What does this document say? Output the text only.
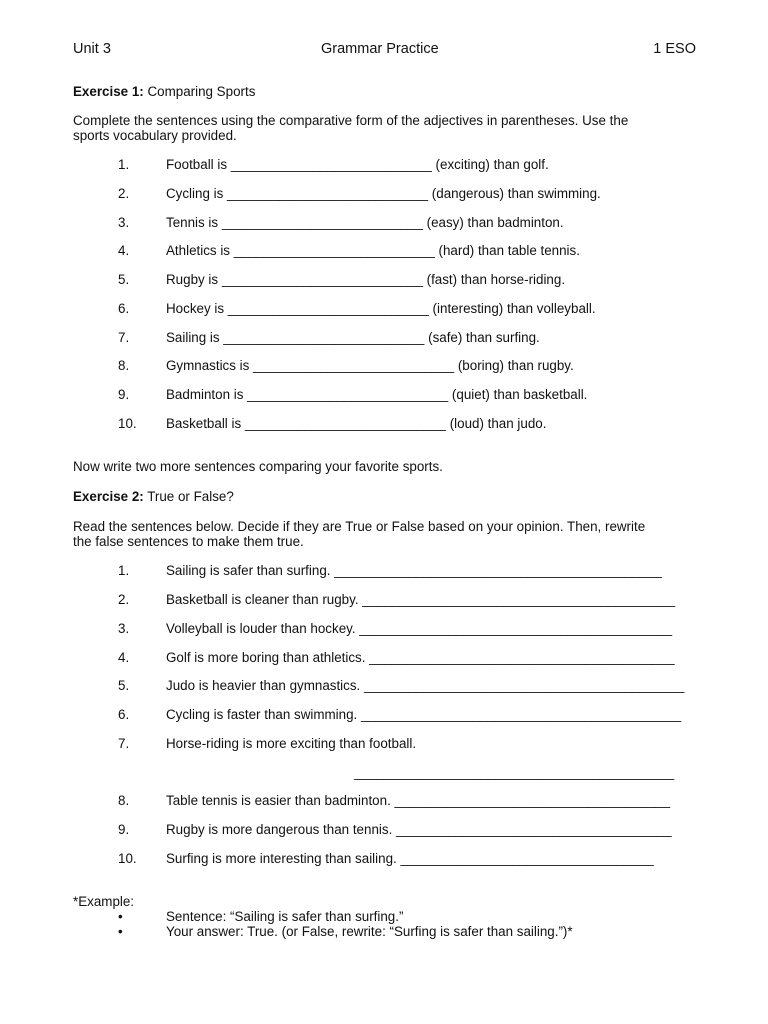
Unit 3	Grammar Practice	1 ESO
Exercise 1: Comparing Sports
Complete the sentences using the comparative form of the adjectives in parentheses. Use the
sports vocabulary provided.
1.	Football is ___________________________ (exciting) than golf.
2.	Cycling is ___________________________ (dangerous) than swimming.
3.	Tennis is ___________________________ (easy) than badminton.
4.	Athletics is ___________________________ (hard) than table tennis.
5.	Rugby is ___________________________ (fast) than horse-riding.
6.	Hockey is ___________________________ (interesting) than volleyball.
7.	Sailing is ___________________________ (safe) than surfing.
8.	Gymnastics is ___________________________ (boring) than rugby.
9.	Badminton is ___________________________ (quiet) than basketball.
10.	Basketball is ___________________________ (loud) than judo.
Now write two more sentences comparing your favorite sports.
Exercise 2: True or False?
Read the sentences below. Decide if they are True or False based on your opinion. Then, rewrite
the false sentences to make them true.
1.	Sailing is safer than surfing. ____________________________________________
2.	Basketball is cleaner than rugby. __________________________________________
3.	Volleyball is louder than hockey. __________________________________________
4.	Golf is more boring than athletics. _________________________________________
5.	Judo is heavier than gymnastics. ___________________________________________
6.	Cycling is faster than swimming. ___________________________________________
7.	Horse-riding is more exciting than football.
___________________________________________
8.	Table tennis is easier than badminton. _____________________________________
9.	Rugby is more dangerous than tennis. _____________________________________
10.	Surfing is more interesting than sailing. __________________________________
*Example:
•	Sentence: “Sailing is safer than surfing.”
•	Your answer: True. (or False, rewrite: “Surfing is safer than sailing.”)*
